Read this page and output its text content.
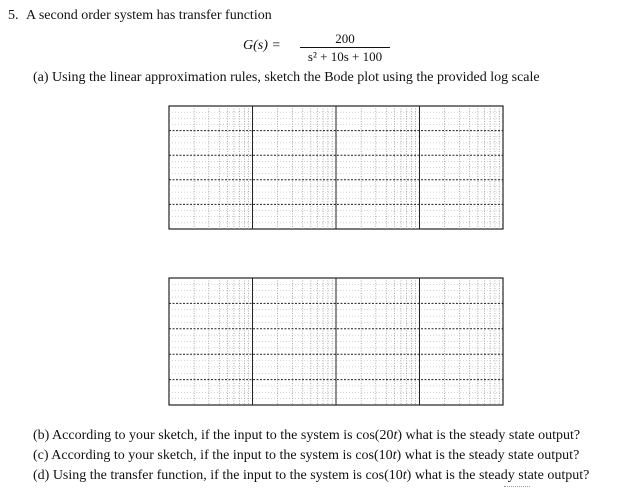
5. A second order system has transfer function
G(s) =	200
s² + 10s + 100
(a) Using the linear approximation rules, sketch the Bode plot using the provided log scale
(b) According to your sketch, if the input to the system is cos(20t) what is the steady state output?
(c) According to your sketch, if the input to the system is cos(10t) what is the steady state output?
(d) Using the transfer function, if the input to the system is cos(10t) what is the steady state output?
